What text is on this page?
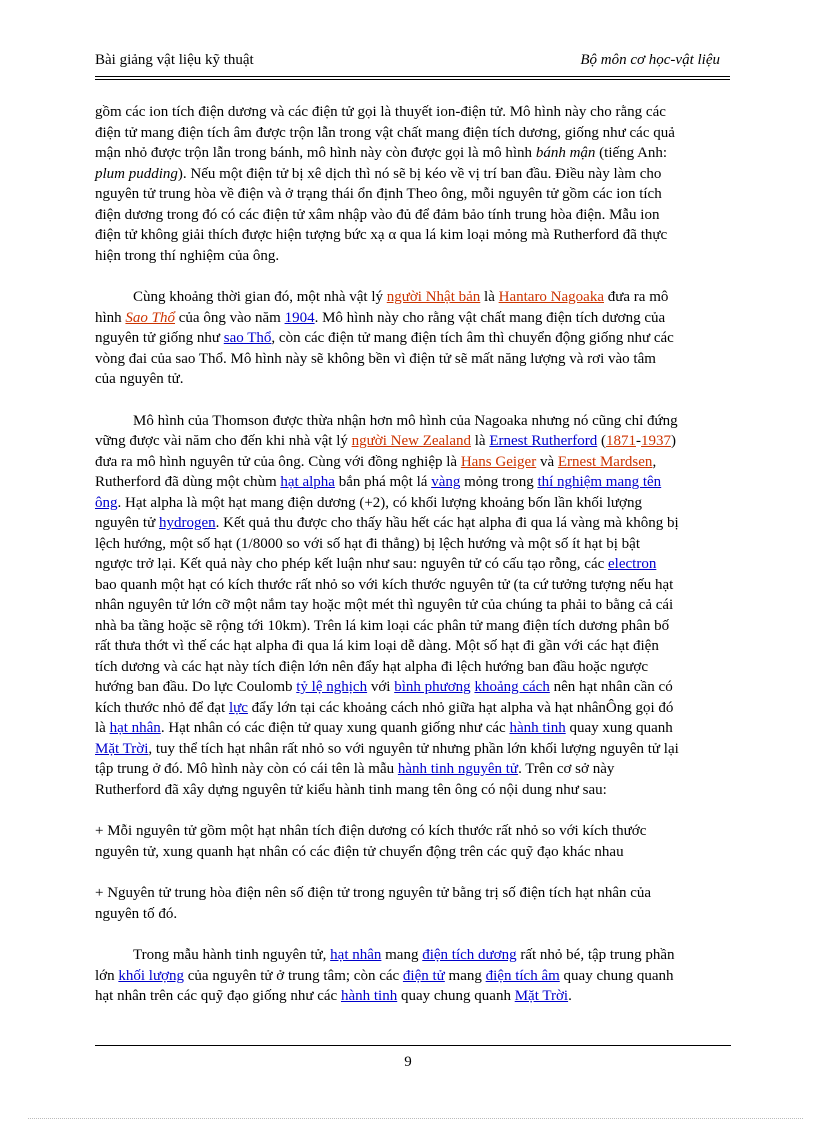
Bài giảng vật liệu kỹ thuật	Bộ môn cơ học-vật liệu
gồm các ion tích điện dương và các điện tử gọi là thuyết ion-điện tử. Mô hình này cho rằng các
điện tử mang điện tích âm được trộn lẫn trong vật chất mang điện tích dương, giống như các quả
mận nhỏ được trộn lẫn trong bánh, mô hình này còn được gọi là mô hình bánh mận (tiếng Anh:
plum pudding). Nếu một điện tử bị xê dịch thì nó sẽ bị kéo về vị trí ban đầu. Điều này làm cho
nguyên tử trung hòa về điện và ở trạng thái ổn định Theo ông, mỗi nguyên tử gồm các ion tích
điện dương trong đó có các điện tử xâm nhập vào đủ để đảm bảo tính trung hòa điện. Mẫu ion
điện tử không giải thích được hiện tượng bức xạ α qua lá kim loại mỏng mà Rutherford đã thực
hiện trong thí nghiệm của ông.
Cùng khoảng thời gian đó, một nhà vật lý người Nhật bản là Hantaro Nagoaka đưa ra mô
hình Sao Thổ của ông vào năm 1904. Mô hình này cho rằng vật chất mang điện tích dương của
nguyên tử giống như sao Thổ, còn các điện tử mang điện tích âm thì chuyển động giống như các
vòng đai của sao Thổ. Mô hình này sẽ không bền vì điện tử sẽ mất năng lượng và rơi vào tâm
của nguyên tử.
Mô hình của Thomson được thừa nhận hơn mô hình của Nagoaka nhưng nó cũng chỉ đứng
vững được vài năm cho đến khi nhà vật lý người New Zealand là Ernest Rutherford (1871-1937)
đưa ra mô hình nguyên tử của ông. Cùng với đồng nghiệp là Hans Geiger và Ernest Mardsen,
Rutherford đã dùng một chùm hạt alpha bắn phá một lá vàng mỏng trong thí nghiệm mang tên
ông. Hạt alpha là một hạt mang điện dương (+2), có khối lượng khoảng bốn lần khối lượng
nguyên tử hydrogen. Kết quả thu được cho thấy hầu hết các hạt alpha đi qua lá vàng mà không bị
lệch hướng, một số hạt (1/8000 so với số hạt đi thẳng) bị lệch hướng và một số ít hạt bị bật
ngược trở lại. Kết quả này cho phép kết luận như sau: nguyên tử có cấu tạo rỗng, các electron
bao quanh một hạt có kích thước rất nhỏ so với kích thước nguyên tử (ta cứ tưởng tượng nếu hạt
nhân nguyên tử lớn cỡ một nắm tay hoặc một mét thì nguyên tử của chúng ta phải to bằng cả cái
nhà ba tầng hoặc sẽ rộng tới 10km). Trên lá kim loại các phân tử mang điện tích dương phân bố
rất thưa thớt vì thế các hạt alpha đi qua lá kim loại dễ dàng. Một số hạt đi gần với các hạt điện
tích dương và các hạt này tích điện lớn nên đẩy hạt alpha đi lệch hướng ban đầu hoặc ngược
hướng ban đầu. Do lực Coulomb tỷ lệ nghịch với bình phương khoảng cách nên hạt nhân cần có
kích thước nhỏ để đạt lực đẩy lớn tại các khoảng cách nhỏ giữa hạt alpha và hạt nhânÔng gọi đó
là hạt nhân. Hạt nhân có các điện tử quay xung quanh giống như các hành tinh quay xung quanh
Mặt Trời, tuy thể tích hạt nhân rất nhỏ so với nguyên tử nhưng phần lớn khối lượng nguyên tử lại
tập trung ở đó. Mô hình này còn có cái tên là mẫu hành tinh nguyên tử. Trên cơ sở này
Rutherford đã xây dựng nguyên tử kiểu hành tinh mang tên ông có nội dung như sau:
+ Mỗi nguyên tử gồm một hạt nhân tích điện dương có kích thước rất nhỏ so với kích thước
nguyên tử, xung quanh hạt nhân có các điện tử chuyển động trên các quỹ đạo khác nhau
+ Nguyên tử trung hòa điện nên số điện tử trong nguyên tử bằng trị số điện tích hạt nhân của
nguyên tố đó.
Trong mẫu hành tinh nguyên tử, hạt nhân mang điện tích dương rất nhỏ bé, tập trung phần
lớn khối lượng của nguyên tử ở trung tâm; còn các điện tử mang điện tích âm quay chung quanh
hạt nhân trên các quỹ đạo giống như các hành tinh quay chung quanh Mặt Trời.
9
